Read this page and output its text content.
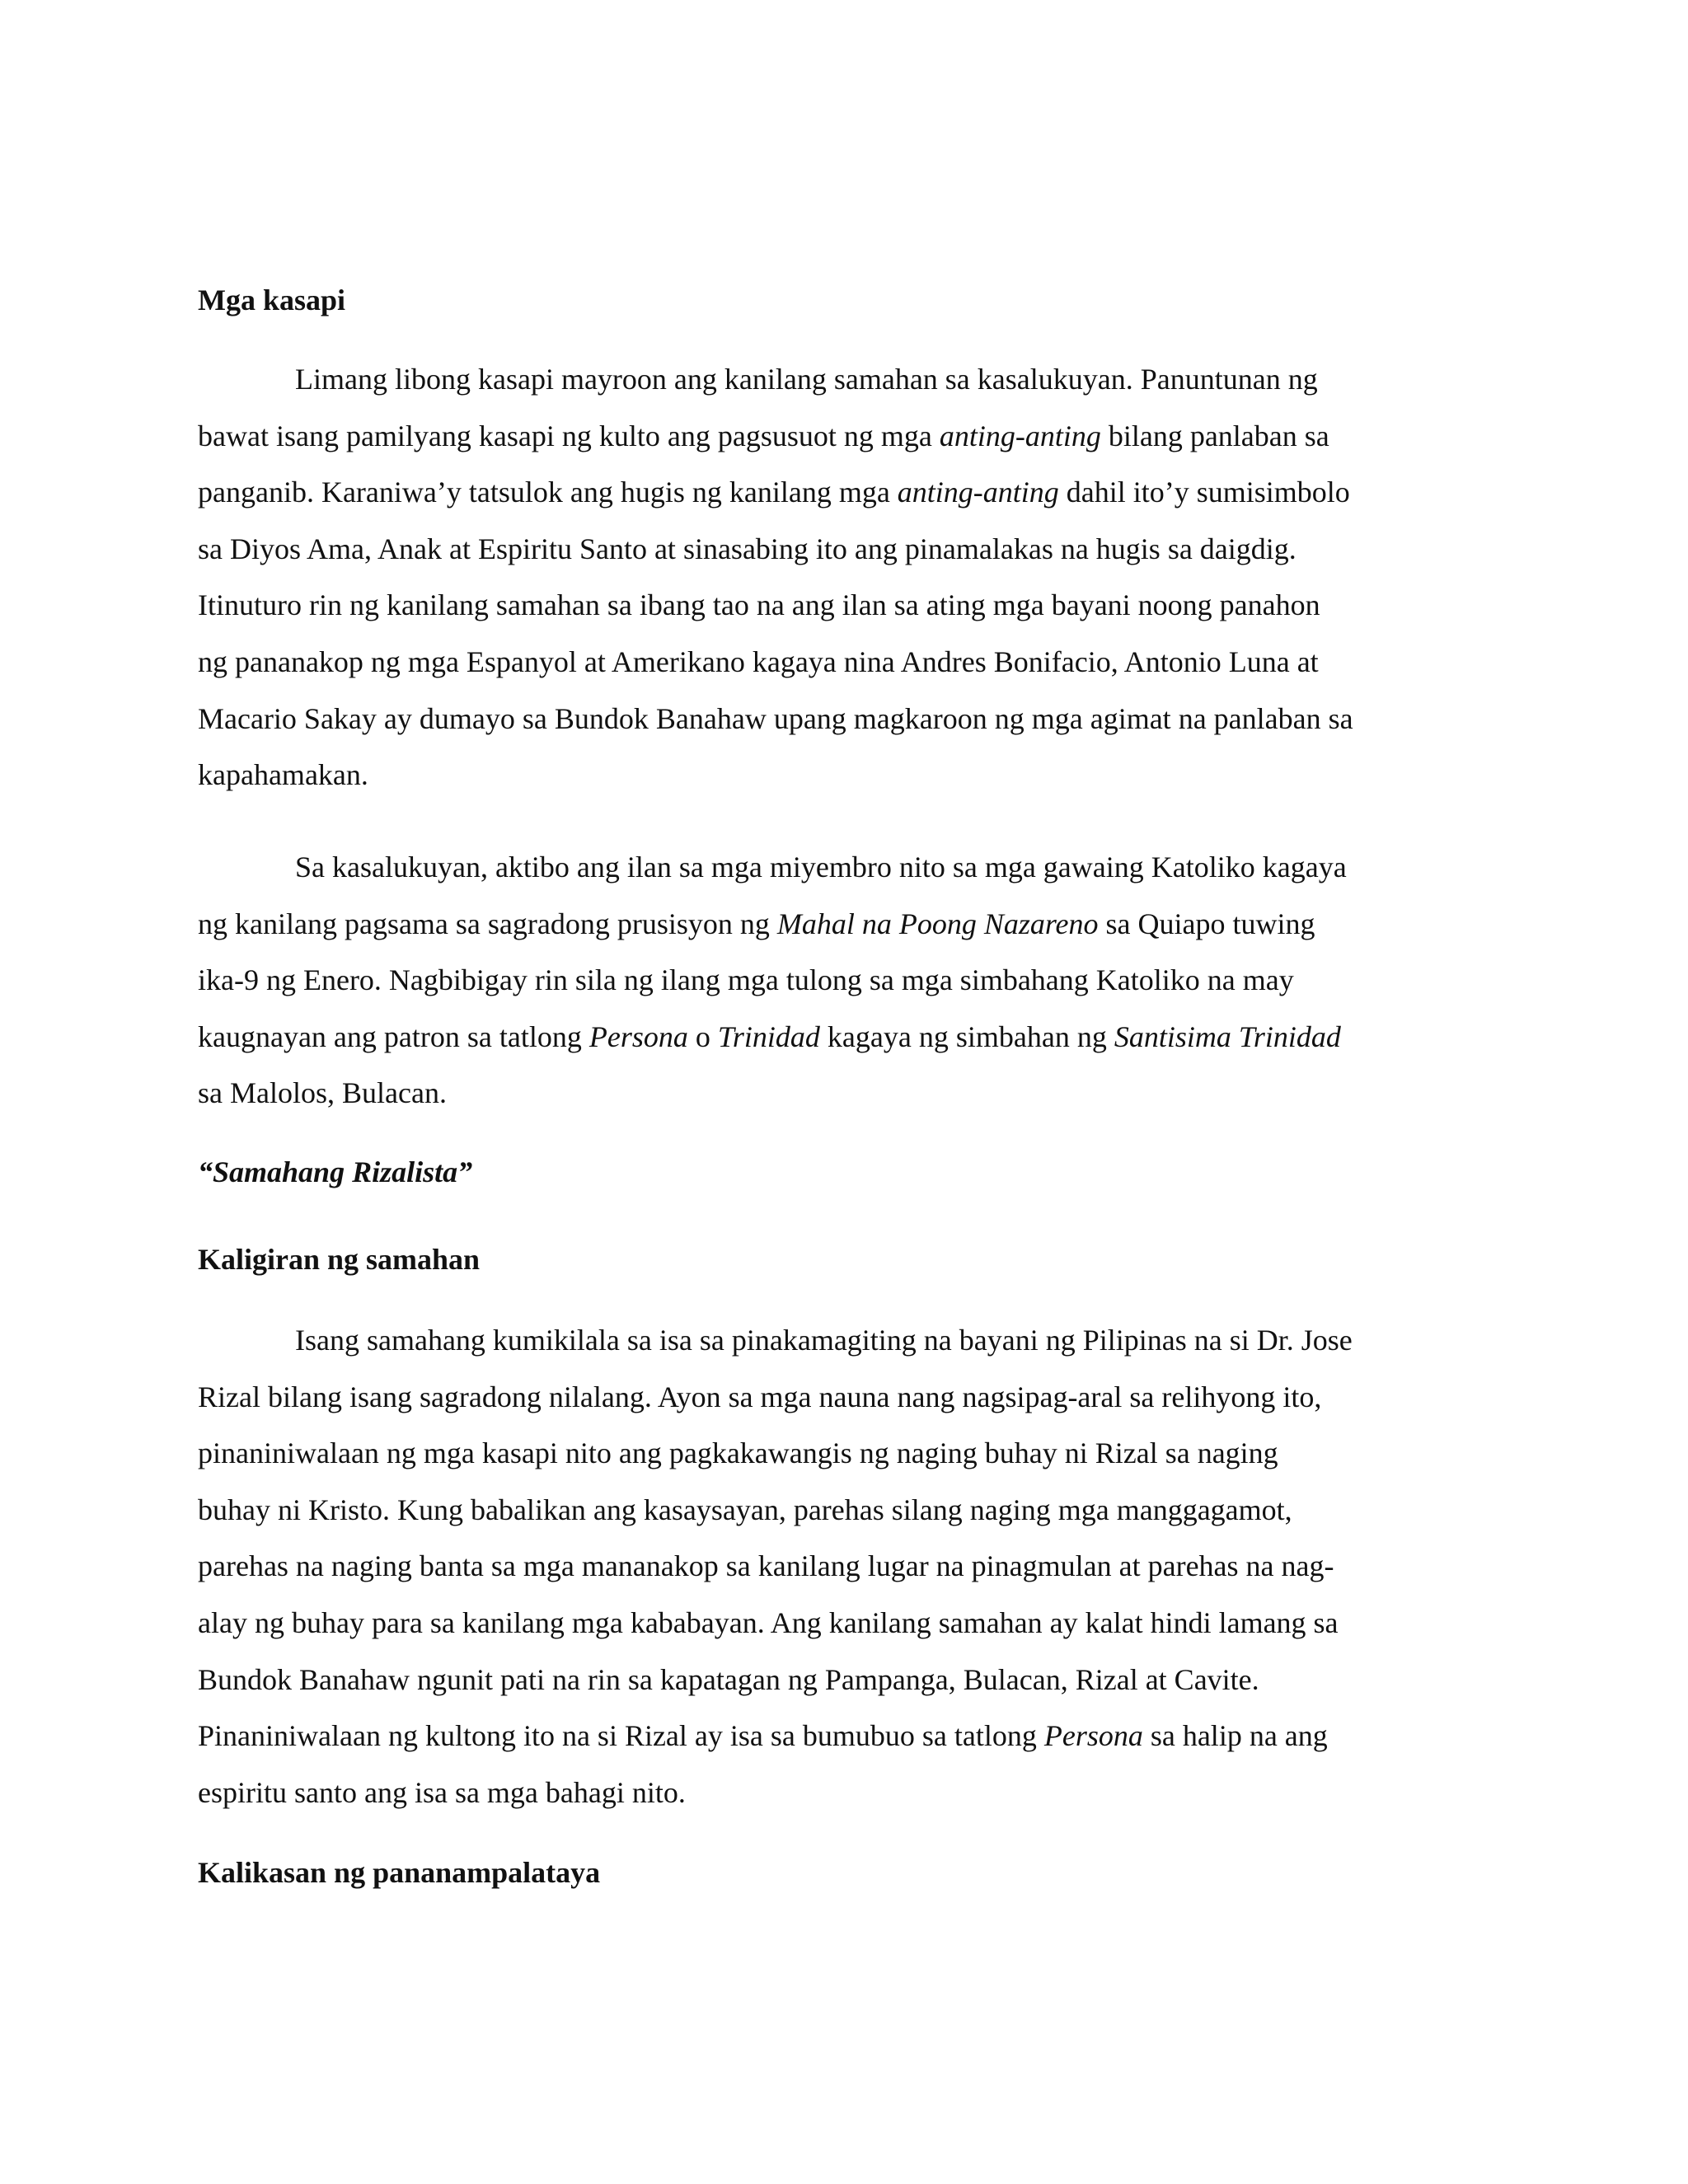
Mga kasapi
Limang libong kasapi mayroon ang kanilang samahan sa kasalukuyan. Panuntunan ng
bawat isang pamilyang kasapi ng kulto ang pagsusuot ng mga anting-anting bilang panlaban sa
panganib. Karaniwa’y tatsulok ang hugis ng kanilang mga anting-anting dahil ito’y sumisimbolo
sa Diyos Ama, Anak at Espiritu Santo at sinasabing ito ang pinamalakas na hugis sa daigdig.
Itinuturo rin ng kanilang samahan sa ibang tao na ang ilan sa ating mga bayani noong panahon
ng pananakop ng mga Espanyol at Amerikano kagaya nina Andres Bonifacio, Antonio Luna at
Macario Sakay ay dumayo sa Bundok Banahaw upang magkaroon ng mga agimat na panlaban sa
kapahamakan.
Sa kasalukuyan, aktibo ang ilan sa mga miyembro nito sa mga gawaing Katoliko kagaya
ng kanilang pagsama sa sagradong prusisyon ng Mahal na Poong Nazareno sa Quiapo tuwing
ika-9 ng Enero. Nagbibigay rin sila ng ilang mga tulong sa mga simbahang Katoliko na may
kaugnayan ang patron sa tatlong Persona o Trinidad kagaya ng simbahan ng Santisima Trinidad
sa Malolos, Bulacan.
“Samahang Rizalista”
Kaligiran ng samahan
Isang samahang kumikilala sa isa sa pinakamagiting na bayani ng Pilipinas na si Dr. Jose
Rizal bilang isang sagradong nilalang. Ayon sa mga nauna nang nagsipag-aral sa relihyong ito,
pinaniniwalaan ng mga kasapi nito ang pagkakawangis ng naging buhay ni Rizal sa naging
buhay ni Kristo. Kung babalikan ang kasaysayan, parehas silang naging mga manggagamot,
parehas na naging banta sa mga mananakop sa kanilang lugar na pinagmulan at parehas na nag-
alay ng buhay para sa kanilang mga kababayan. Ang kanilang samahan ay kalat hindi lamang sa
Bundok Banahaw ngunit pati na rin sa kapatagan ng Pampanga, Bulacan, Rizal at Cavite.
Pinaniniwalaan ng kultong ito na si Rizal ay isa sa bumubuo sa tatlong Persona sa halip na ang
espiritu santo ang isa sa mga bahagi nito.
Kalikasan ng pananampalataya
